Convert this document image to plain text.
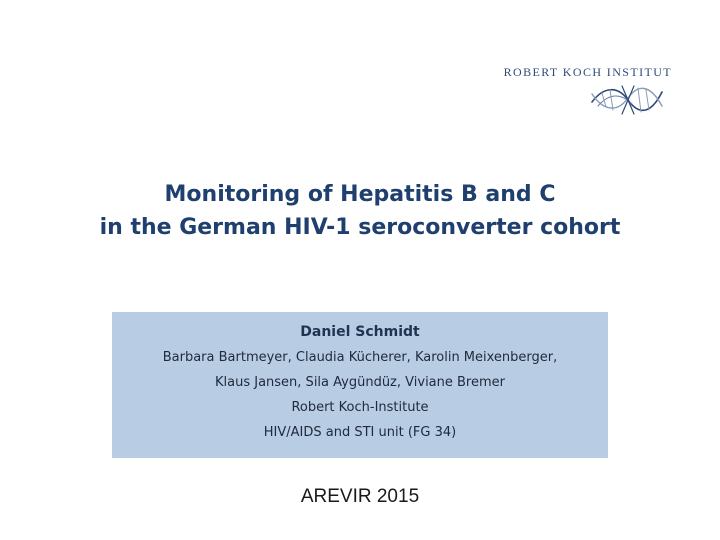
ROBERT KOCH INSTITUT
Monitoring of Hepatitis B and C
in the German HIV-1 seroconverter cohort
Daniel Schmidt
Barbara Bartmeyer, Claudia Kücherer, Karolin Meixenberger,
Klaus Jansen, Sila Aygündüz, Viviane Bremer
Robert Koch-Institute
HIV/AIDS and STI unit (FG 34)
AREVIR 2015
